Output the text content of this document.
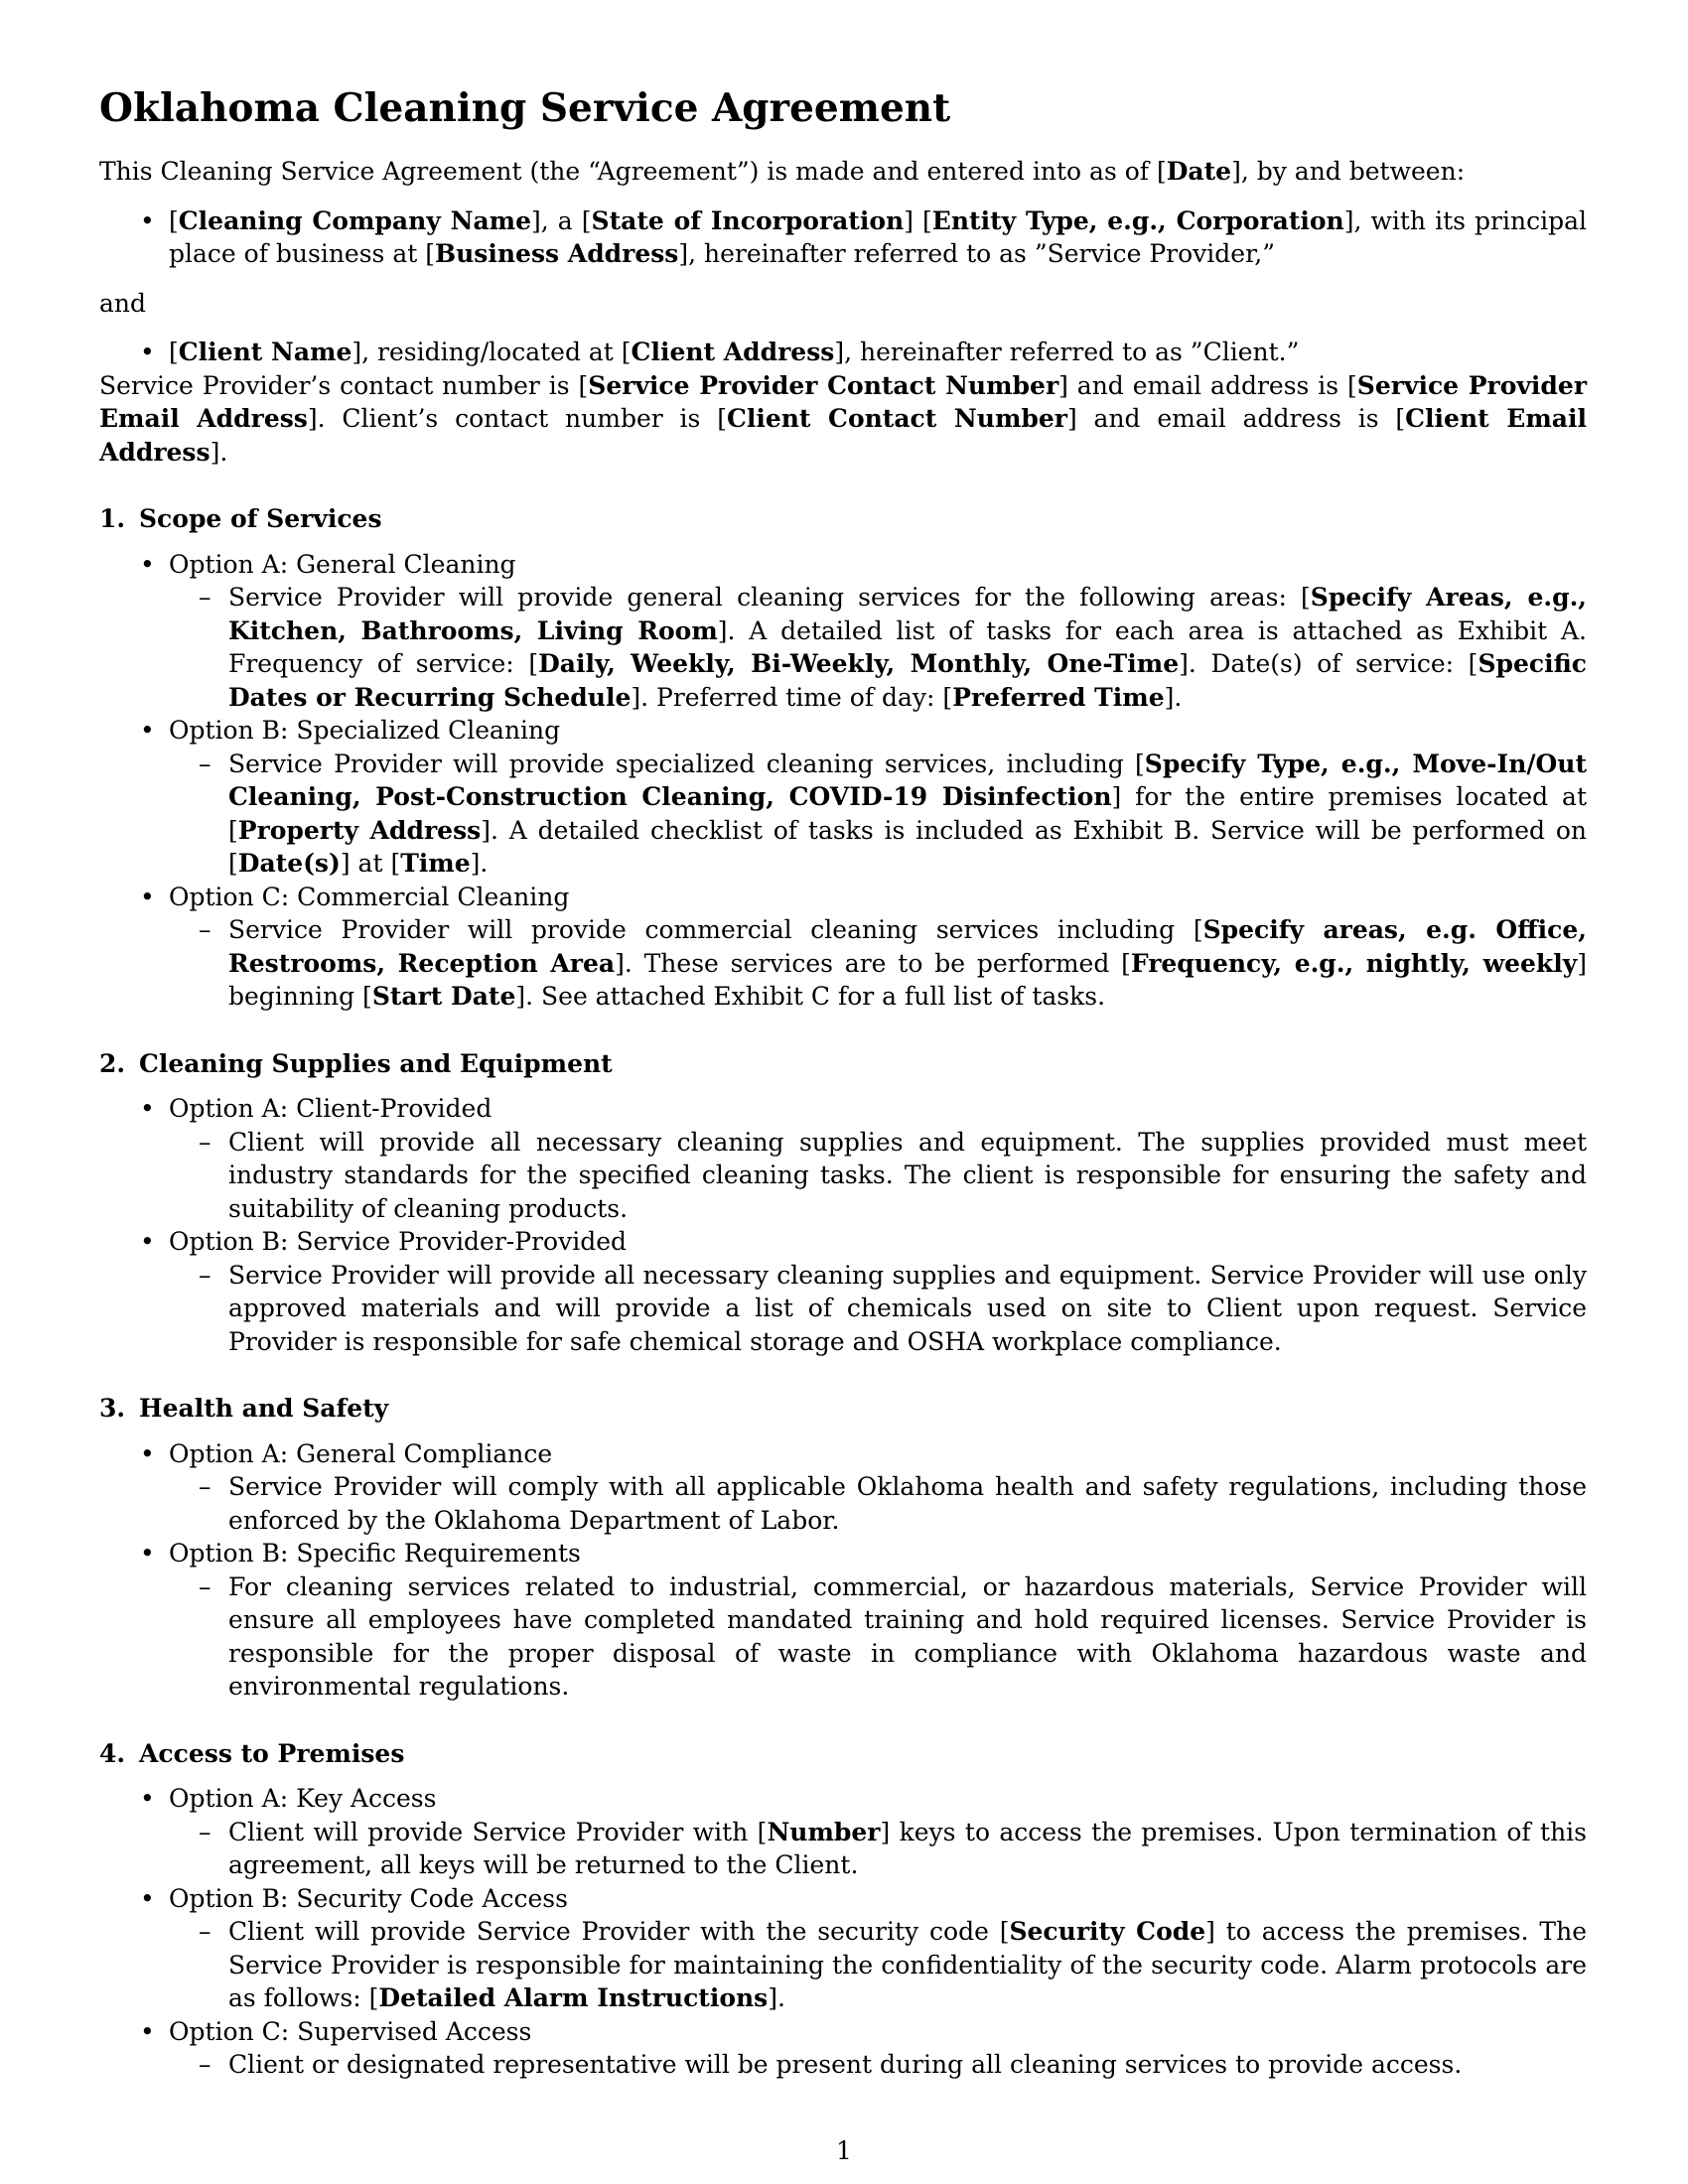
Oklahoma Cleaning Service Agreement

This Cleaning Service Agreement (the “Agreement”) is made and entered into as of [Date], by and between:

• [Cleaning Company Name], a [State of Incorporation] [Entity Type, e.g., Corporation], with its principal place of business at [Business Address], hereinafter referred to as ”Service Provider,”

and

• [Client Name], residing/located at [Client Address], hereinafter referred to as ”Client.”

Service Provider’s contact number is [Service Provider Contact Number] and email address is [Service Provider Email Address]. Client’s contact number is [Client Contact Number] and email address is [Client Email Address].

1. Scope of Services
• Option A: General Cleaning
– Service Provider will provide general cleaning services for the following areas: [Specify Areas, e.g., Kitchen, Bathrooms, Living Room]. A detailed list of tasks for each area is attached as Exhibit A. Frequency of service: [Daily, Weekly, Bi-Weekly, Monthly, One-Time]. Date(s) of service: [Specific Dates or Recurring Schedule]. Preferred time of day: [Preferred Time].
• Option B: Specialized Cleaning
– Service Provider will provide specialized cleaning services, including [Specify Type, e.g., Move-In/Out Cleaning, Post-Construction Cleaning, COVID-19 Disinfection] for the entire premises located at [Property Address]. A detailed checklist of tasks is included as Exhibit B. Service will be performed on [Date(s)] at [Time].
• Option C: Commercial Cleaning
– Service Provider will provide commercial cleaning services including [Specify areas, e.g. Office, Restrooms, Reception Area]. These services are to be performed [Frequency, e.g., nightly, weekly] beginning [Start Date]. See attached Exhibit C for a full list of tasks.
2. Cleaning Supplies and Equipment
• Option A: Client-Provided
– Client will provide all necessary cleaning supplies and equipment. The supplies provided must meet industry standards for the specified cleaning tasks. The client is responsible for ensuring the safety and suitability of cleaning products.
• Option B: Service Provider-Provided
– Service Provider will provide all necessary cleaning supplies and equipment. Service Provider will use only approved materials and will provide a list of chemicals used on site to Client upon request. Service Provider is responsible for safe chemical storage and OSHA workplace compliance.
3. Health and Safety
• Option A: General Compliance
– Service Provider will comply with all applicable Oklahoma health and safety regulations, including those enforced by the Oklahoma Department of Labor.
• Option B: Specific Requirements
– For cleaning services related to industrial, commercial, or hazardous materials, Service Provider will ensure all employees have completed mandated training and hold required licenses. Service Provider is responsible for the proper disposal of waste in compliance with Oklahoma hazardous waste and environmental regulations.
4. Access to Premises
• Option A: Key Access
– Client will provide Service Provider with [Number] keys to access the premises. Upon termination of this agreement, all keys will be returned to the Client.
• Option B: Security Code Access
– Client will provide Service Provider with the security code [Security Code] to access the premises. The Service Provider is responsible for maintaining the confidentiality of the security code. Alarm protocols are as follows: [Detailed Alarm Instructions].
• Option C: Supervised Access
– Client or designated representative will be present during all cleaning services to provide access.
1
